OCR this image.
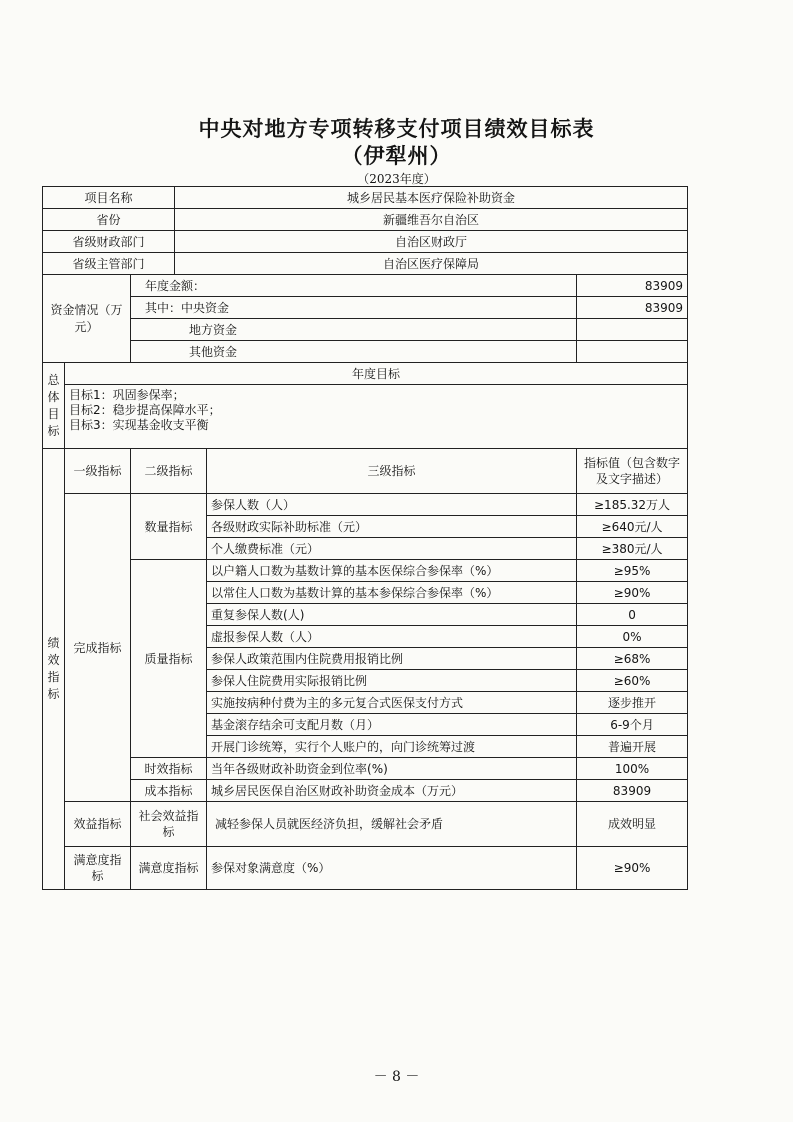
中央对地方专项转移支付项目绩效目标表
（伊犁州）
（2023年度）
项目名称			城乡居民基本医疗保险补助资金		
省份			新疆维吾尔自治区		
省级财政部门			自治区财政厅		
省级主管部门			自治区医疗保障局		
资金情况（万元）		年度金额：			83909
		其中：中央资金			83909
		地方资金			
		其他资金			
总体目标	年度目标				

	目标1：巩固参保率；
目标2：稳步提高保障水平；
目标3：实现基金收支平衡				

绩效指标	一级指标	二级指标		三级指标	指标值（包含数字及文字描述）
	完成指标	数量指标		参保人数（人）	≥185.32万人
				各级财政实际补助标准（元）	≥640元/人
				个人缴费标准（元）	≥380元/人
		质量指标		以户籍人口数为基数计算的基本医保综合参保率（%）	≥95%
				以常住人口数为基数计算的基本参保综合参保率（%）	≥90%
				重复参保人数(人)	0
				虚报参保人数（人）	0%
				参保人政策范围内住院费用报销比例	≥68%
				参保人住院费用实际报销比例	≥60%
				实施按病种付费为主的多元复合式医保支付方式	逐步推开
				基金滚存结余可支配月数（月）	6-9个月
				开展门诊统筹，实行个人账户的，向门诊统筹过渡	普遍开展
		时效指标		当年各级财政补助资金到位率(%)	100%
		成本指标		城乡居民医保自治区财政补助资金成本（万元）	83909
	效益指标	社会效益指标		减轻参保人员就医经济负担，缓解社会矛盾	成效明显
	满意度指标	满意度指标		参保对象满意度（%）	≥90%
－ 8 －
